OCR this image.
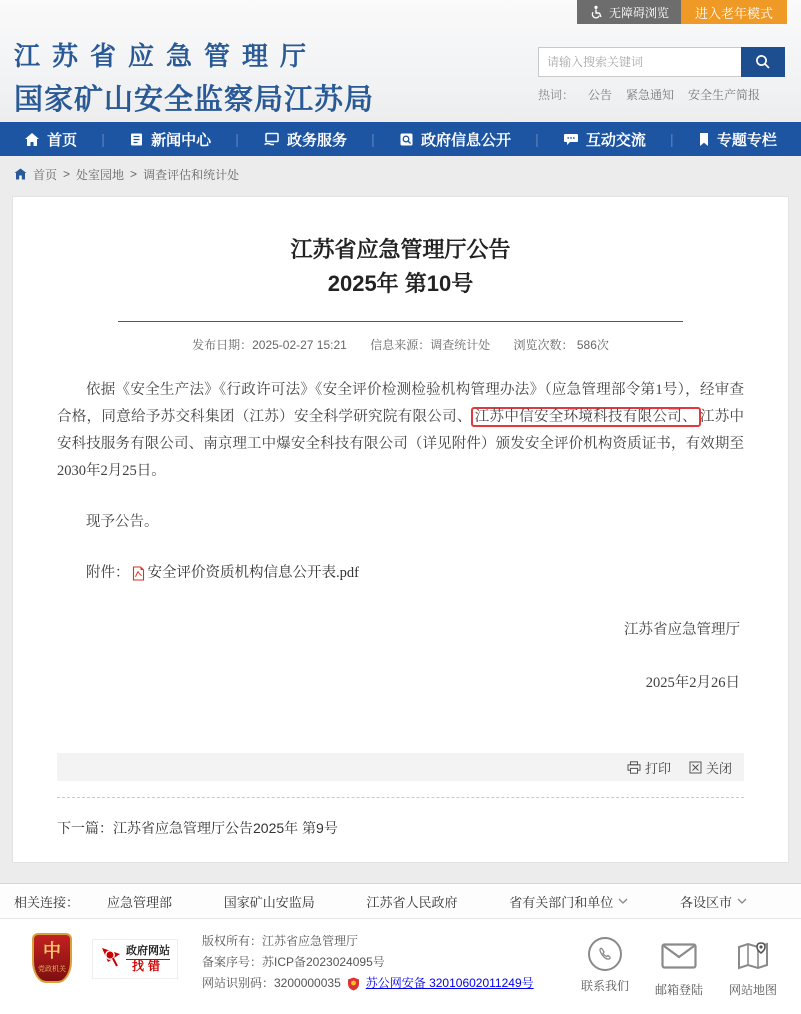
无障碍浏览 进入老年模式
江苏省应急管理厅
国家矿山安全监察局江苏局
请输入搜索关键词	热词： 公告 紧急通知 安全生产简报
首页 |	新闻中心 |	政务服务 |	政府信息公开 |	互动交流 |	专题专栏
首页 > 处室园地 > 调查评估和统计处
江苏省应急管理厅公告
2025年 第10号
发布日期：2025-02-27 15:21 信息来源：调查统计处 浏览次数： 586次

依据《安全生产法》《行政许可法》《安全评价检测检验机构管理办法》（应急管理部令第1号），经审查合格，同意给予苏交科集团（江苏）安全科学研究院有限公司、 江苏中信安全环境科技有限公司、 江苏中安科技服务有限公司、南京理工中爆安全科技有限公司（详见附件）颁发安全评价机构资质证书，有效期至2030年2月25日。

现予公告。

附件： 安全评价资质机构信息公开表.pdf
江苏省应急管理厅
2025年2月26日
打印	关闭
下一篇：江苏省应急管理厅公告2025年 第9号
相关连接： 应急管理部	国家矿山安监局	江苏省人民政府	省有关部门和单位	各设区市
中
党政机关
政府网站
找错
版权所有：江苏省应急管理厅
备案序号：苏ICP备2023024095号
网站识别码：3200000035 苏公网安备 32010602011249号	联系我们 邮箱登陆 网站地图
